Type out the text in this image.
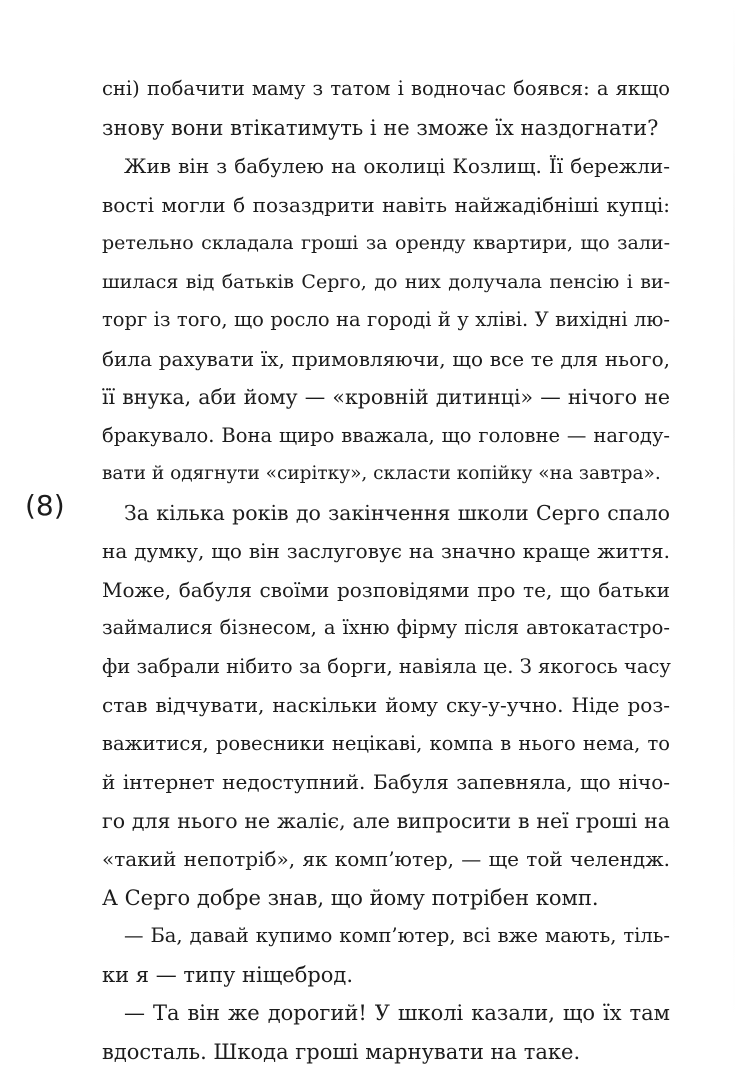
(8)
сні) побачити маму з татом і водночас боявся: а якщо
знову вони втікатимуть і не зможе їх наздогнати?
Жив він з бабулею на околиці Козлищ. Її бережли-
вості могли б позаздрити навіть найжадібніші купці:
ретельно складала гроші за оренду квартири, що зали-
шилася від батьків Серго, до них долучала пенсію і ви-
торг із того, що росло на городі й у хліві. У вихідні лю-
била рахувати їх, примовляючи, що все те для нього,
її внука, аби йому — «кровній дитинці» — нічого не
бракувало. Вона щиро вважала, що головне — нагоду-
вати й одягнути «сирітку», скласти копійку «на завтра».
За кілька років до закінчення школи Серго спало
на думку, що він заслуговує на значно краще життя.
Може, бабуля своїми розповідями про те, що батьки
займалися бізнесом, а їхню фірму після автокатастро-
фи забрали нібито за борги, навіяла це. З якогось часу
став відчувати, наскільки йому ску-у-учно. Ніде роз-
важитися, ровесники нецікаві, компа в нього нема, то
й інтернет недоступний. Бабуля запевняла, що нічо-
го для нього не жаліє, але випросити в неї гроші на
«такий непотріб», як комп’ютер, — ще той челендж.
А Серго добре знав, що йому потрібен комп.
— Ба, давай купимо комп’ютер, всі вже мають, тіль-
ки я — типу ніщеброд.
— Та він же дорогий! У школі казали, що їх там
вдосталь. Шкода гроші марнувати на таке.
